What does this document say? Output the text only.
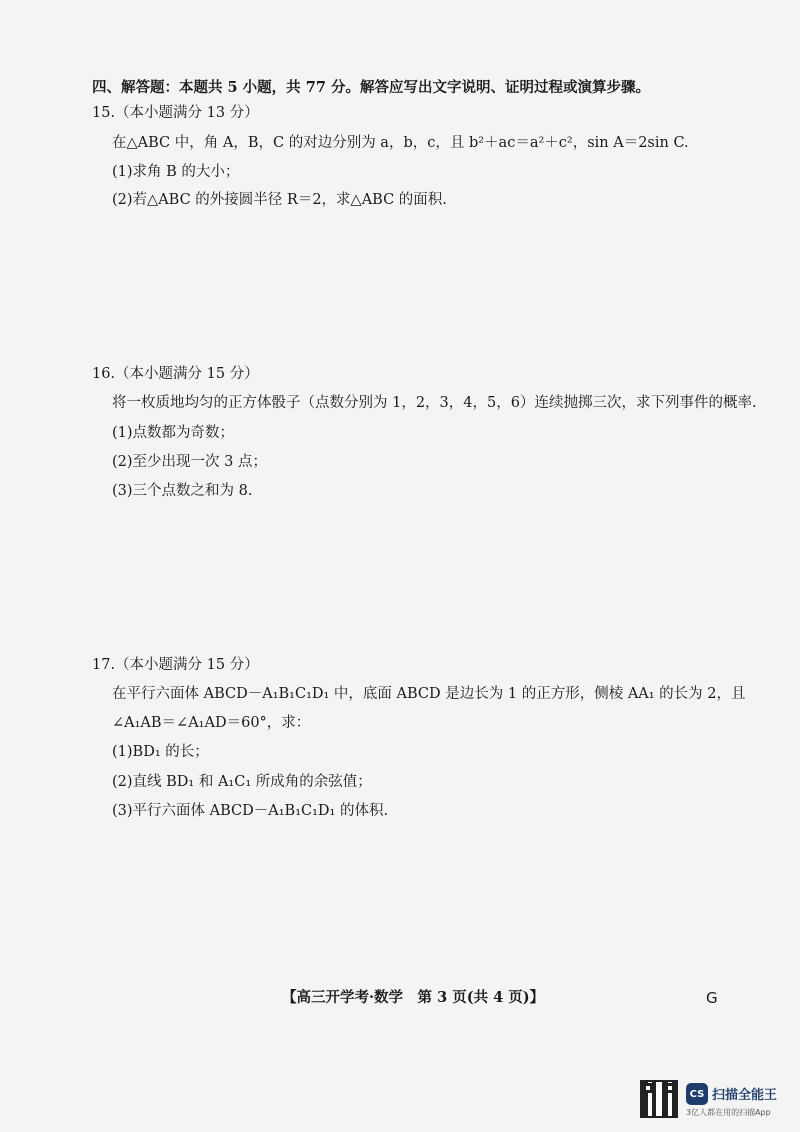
四、解答题：本题共 5 小题，共 77 分。解答应写出文字说明、证明过程或演算步骤。
15.（本小题满分 13 分）
在△ABC 中，角 A，B，C 的对边分别为 a，b，c，且 b²＋ac＝a²＋c²，sin A＝2sin C.
(1)求角 B 的大小；
(2)若△ABC 的外接圆半径 R＝2，求△ABC 的面积.
16.（本小题满分 15 分）
将一枚质地均匀的正方体骰子（点数分别为 1，2，3，4，5，6）连续抛掷三次，求下列事件的概率.
(1)点数都为奇数；
(2)至少出现一次 3 点；
(3)三个点数之和为 8.
17.（本小题满分 15 分）
在平行六面体 ABCD－A₁B₁C₁D₁ 中，底面 ABCD 是边长为 1 的正方形，侧棱 AA₁ 的长为 2，且
∠A₁AB＝∠A₁AD＝60°，求：
(1)BD₁ 的长；
(2)直线 BD₁ 和 A₁C₁ 所成角的余弦值；
(3)平行六面体 ABCD－A₁B₁C₁D₁ 的体积.
【高三开学考·数学　第 3 页(共 4 页)】	G
CS 扫描全能王
3亿人都在用的扫描App
